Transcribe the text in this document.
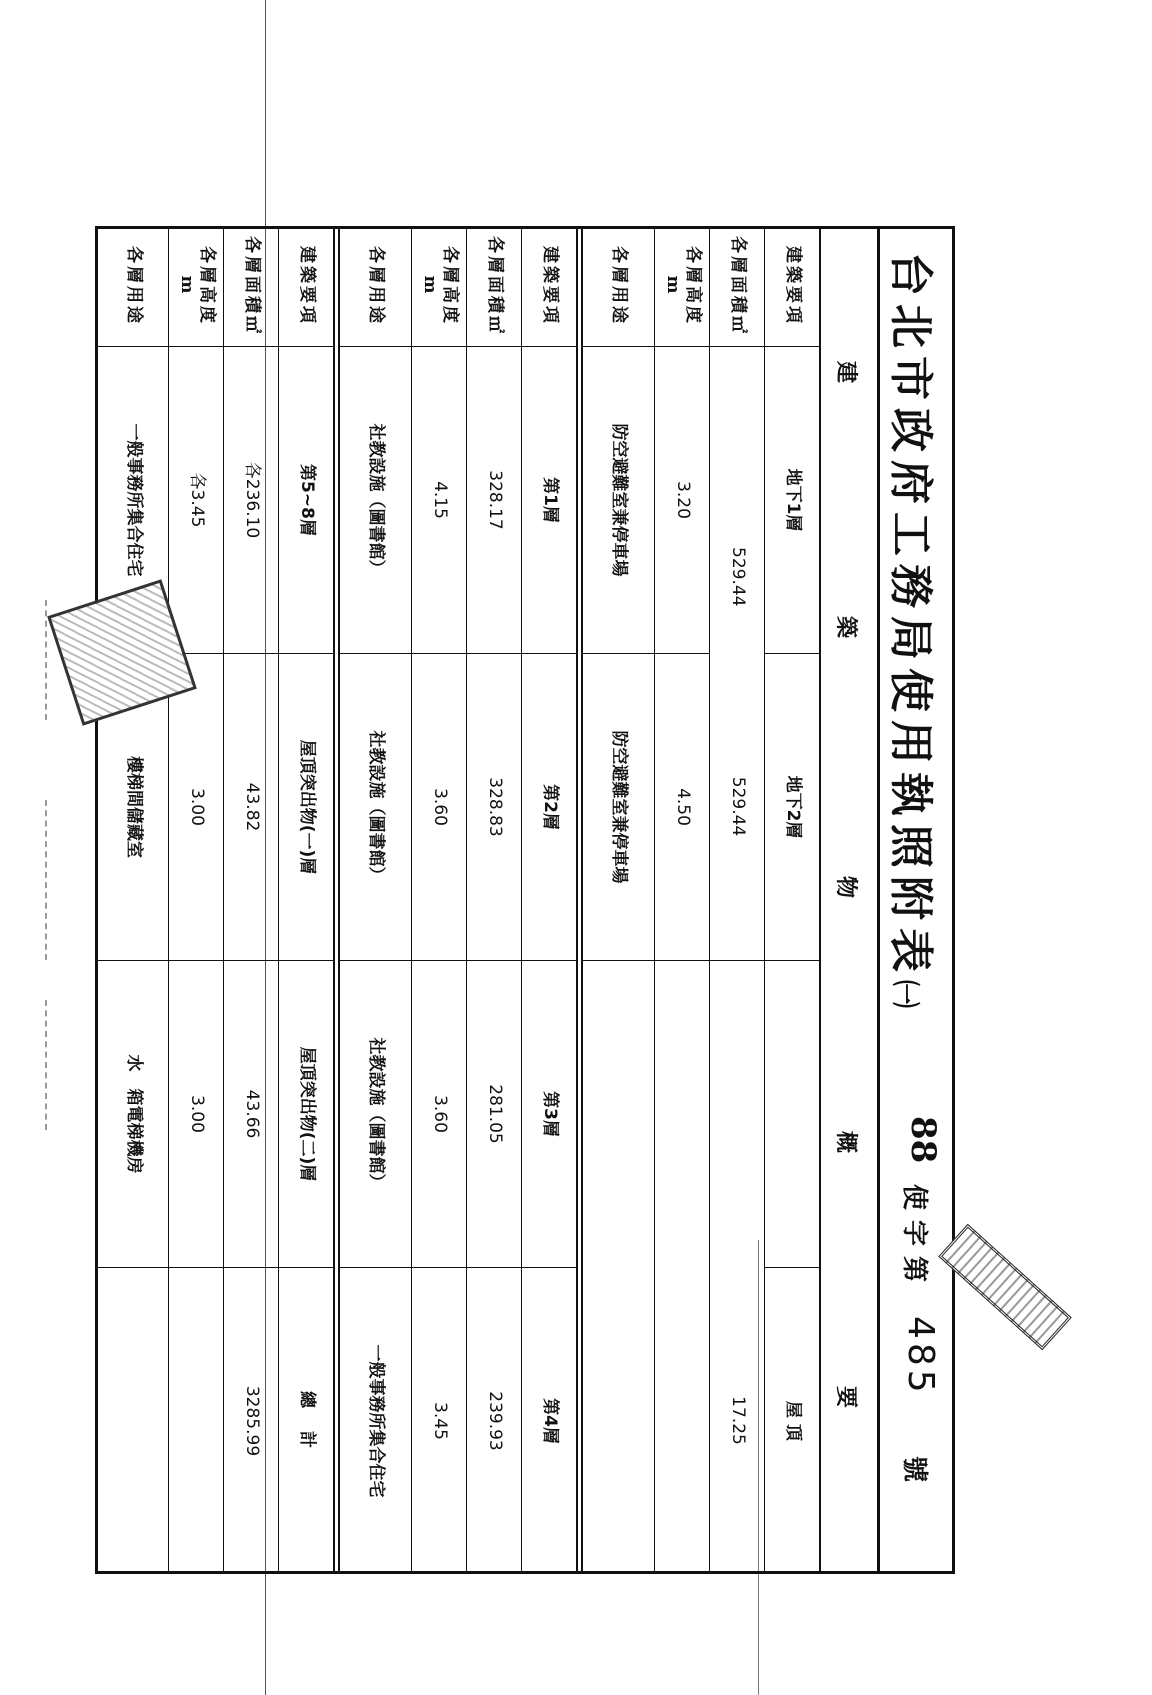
台北市政府工務局使用執照附表㈠
88
使字第
485
號
建
築
物
概
要
建築要項
地下1層
地下2層
屋 頂
各層面積㎡
529.44
529.44
17.25
各層高度 m
3.20
4.50
各層用途
防空避難室兼停車場
防空避難室兼停車場
建築要項
第1層
第2層
第3層
第4層
各層面積㎡
328.17
328.83
281.05
239.93
各層高度 m
4.15
3.60
3.60
3.45
各層用途
社教設施（圖書館）
社教設施（圖書館）
社教設施（圖書館）
一般事務所集合住宅
建築要項
第5~8層
屋頂突出物(一)層
屋頂突出物(二)層
總　計
各層面積㎡
各236.10
43.82
43.66
3285.99
各層高度 m
各3.45
3.00
3.00
各層用途
一般事務所集合住宅
樓梯間儲藏室
水　箱電梯機房
